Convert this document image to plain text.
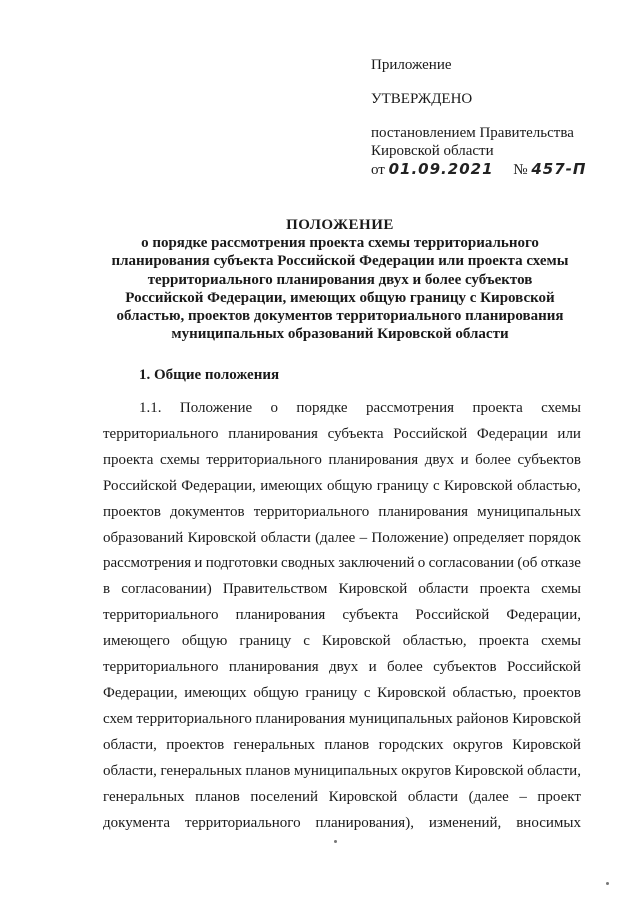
Приложение
УТВЕРЖДЕНО
постановлением Правительства
Кировской области
от 01.09.2021 № 457-П
ПОЛОЖЕНИЕ
о порядке рассмотрения проекта схемы территориального
планирования субъекта Российской Федерации или проекта схемы
территориального планирования двух и более субъектов
Российской Федерации, имеющих общую границу с Кировской
областью, проектов документов территориального планирования
муниципальных образований Кировской области
1. Общие положения
1.1. Положение о порядке рассмотрения проекта схемы
территориального планирования субъекта Российской Федерации или
проекта схемы территориального планирования двух и более субъектов
Российской Федерации, имеющих общую границу с Кировской областью,
проектов документов территориального планирования муниципальных
образований Кировской области (далее – Положение) определяет порядок
рассмотрения и подготовки сводных заключений о согласовании (об отказе
в согласовании) Правительством Кировской области проекта схемы
территориального планирования субъекта Российской Федерации,
имеющего общую границу с Кировской областью, проекта схемы
территориального планирования двух и более субъектов Российской
Федерации, имеющих общую границу с Кировской областью, проектов
схем территориального планирования муниципальных районов Кировской
области, проектов генеральных планов городских округов Кировской
области, генеральных планов муниципальных округов Кировской области,
генеральных планов поселений Кировской области (далее – проект
документа территориального планирования), изменений, вносимых
